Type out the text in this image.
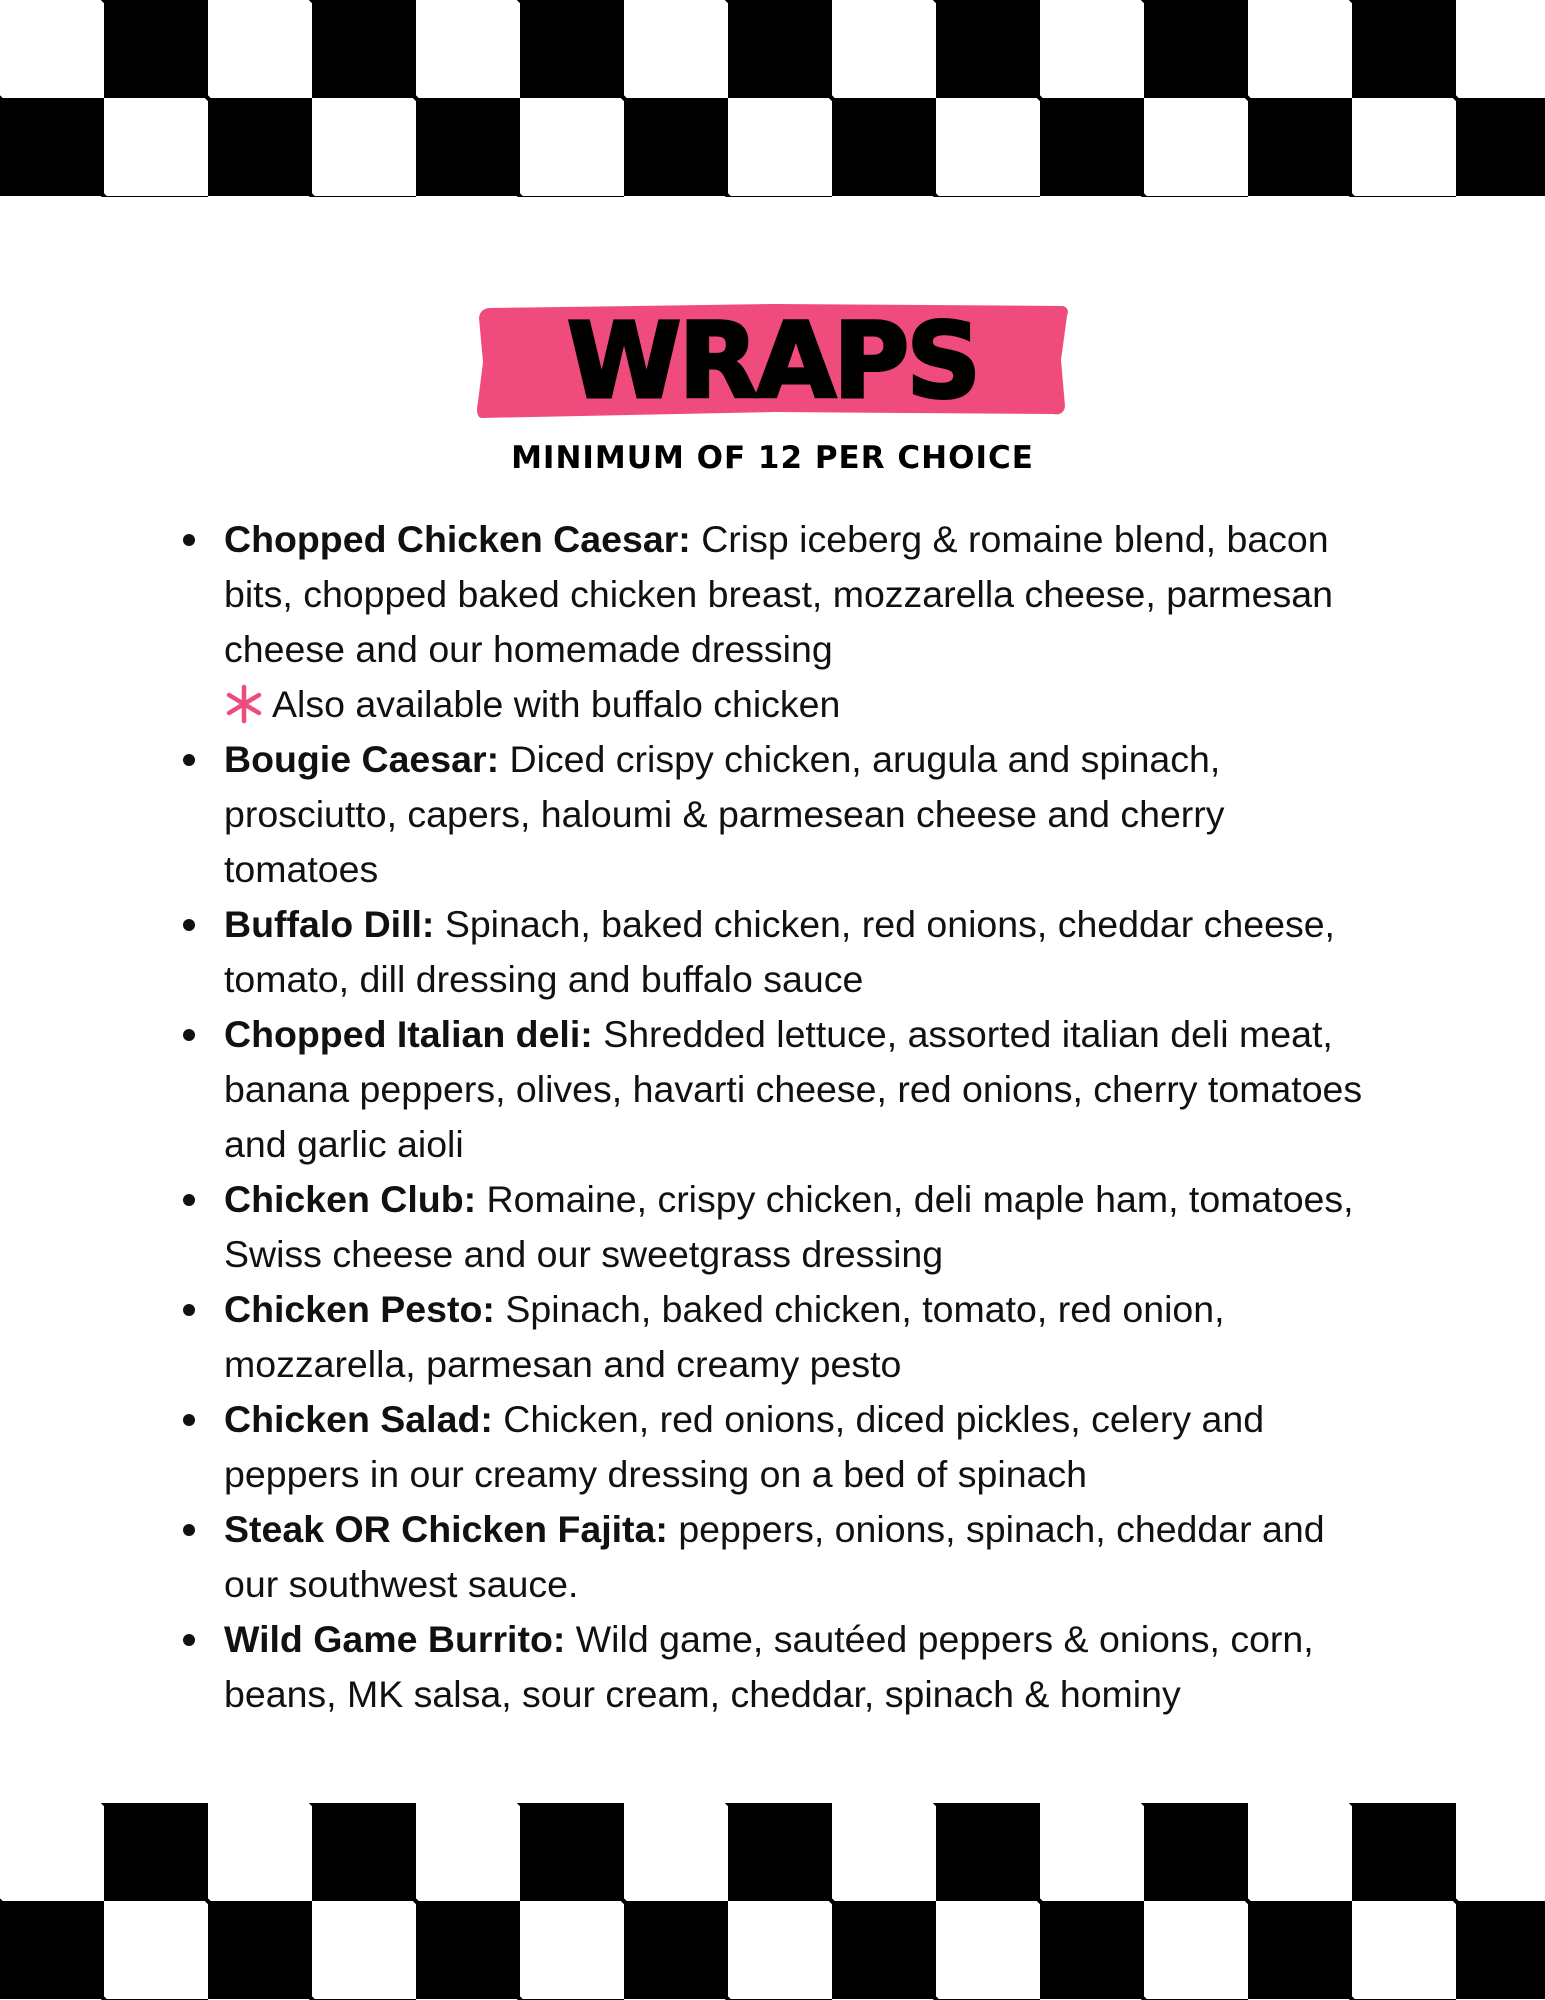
WRAPS
MINIMUM OF 12 PER CHOICE
Chopped Chicken Caesar: Crisp iceberg & romaine blend, bacon bits, chopped baked chicken breast, mozzarella cheese, parmesan cheese and our homemade dressing
Also available with buffalo chicken
Bougie Caesar: Diced crispy chicken, arugula and spinach, prosciutto, capers, haloumi & parmesean cheese and cherry tomatoes
Buffalo Dill: Spinach, baked chicken, red onions, cheddar cheese, tomato, dill dressing and buffalo sauce
Chopped Italian deli: Shredded lettuce, assorted italian deli meat, banana peppers, olives, havarti cheese, red onions, cherry tomatoes and garlic aioli
Chicken Club: Romaine, crispy chicken, deli maple ham, tomatoes, Swiss cheese and our sweetgrass dressing
Chicken Pesto: Spinach, baked chicken, tomato, red onion, mozzarella, parmesan and creamy pesto
Chicken Salad: Chicken, red onions, diced pickles, celery and peppers in our creamy dressing on a bed of spinach
Steak OR Chicken Fajita: peppers, onions, spinach, cheddar and our southwest sauce.
Wild Game Burrito: Wild game, sautéed peppers & onions, corn, beans, MK salsa, sour cream, cheddar, spinach & hominy
